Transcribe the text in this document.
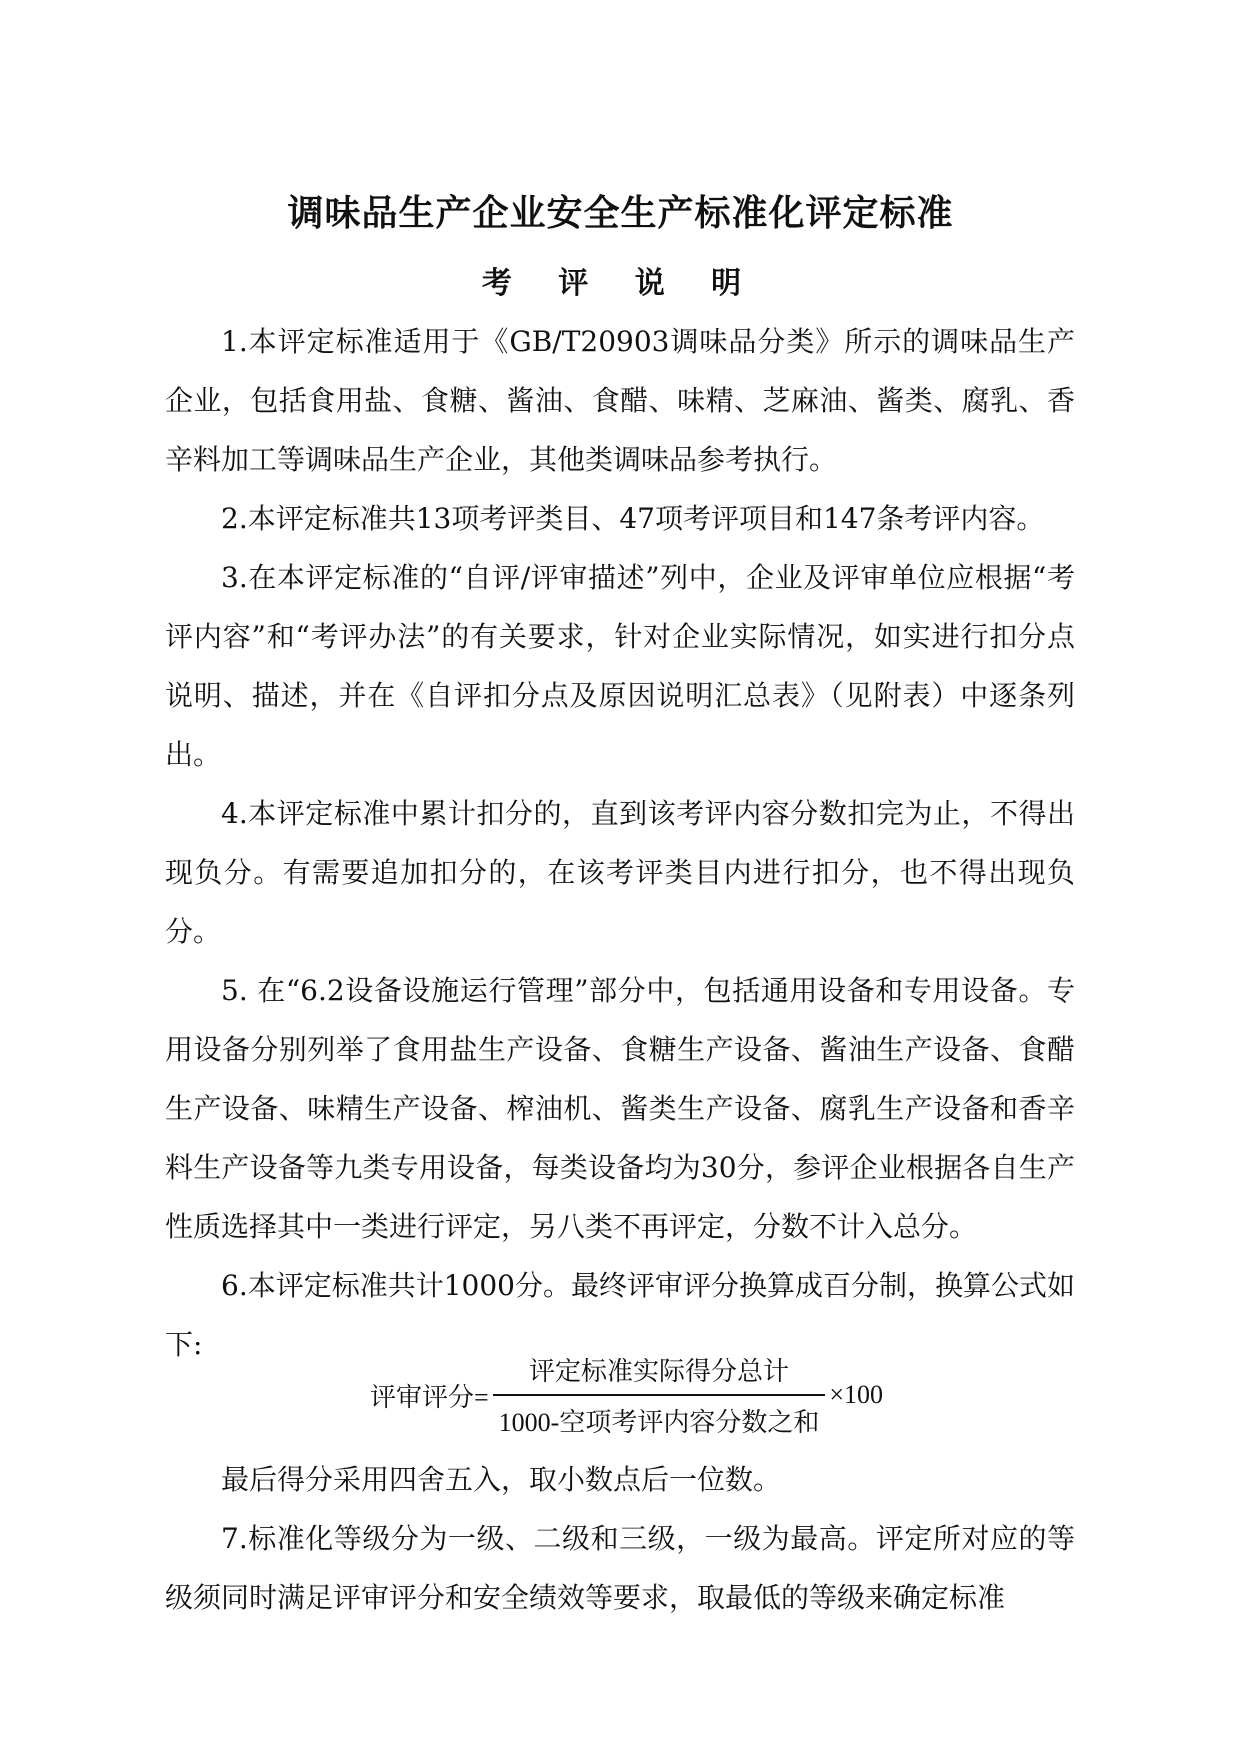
调味品生产企业安全生产标准化评定标准
考 评 说 明

1.本评定标准适用于《GB/T20903调味品分类》所示的调味品生产企业，包括食用盐、食糖、酱油、食醋、味精、芝麻油、酱类、腐乳、香辛料加工等调味品生产企业，其他类调味品参考执行。

2.本评定标准共13项考评类目、47项考评项目和147条考评内容。

3.在本评定标准的“自评/评审描述”列中，企业及评审单位应根据“考评内容”和“考评办法”的有关要求，针对企业实际情况，如实进行扣分点说明、描述，并在《自评扣分点及原因说明汇总表》（见附表）中逐条列出。

4.本评定标准中累计扣分的，直到该考评内容分数扣完为止，不得出现负分。有需要追加扣分的，在该考评类目内进行扣分，也不得出现负分。

5. 在“6.2设备设施运行管理”部分中，包括通用设备和专用设备。专用设备分别列举了食用盐生产设备、食糖生产设备、酱油生产设备、食醋生产设备、味精生产设备、榨油机、酱类生产设备、腐乳生产设备和香辛料生产设备等九类专用设备，每类设备均为30分，参评企业根据各自生产性质选择其中一类进行评定，另八类不再评定，分数不计入总分。

6.本评定标准共计1000分。最终评审评分换算成百分制，换算公式如下:

评审评分= $\frac{\text{评定标准实际得分总计}}{\text{1000-空项考评内容分数之和}} \times 100$

最后得分采用四舍五入，取小数点后一位数。

7.标准化等级分为一级、二级和三级，一级为最高。评定所对应的等级须同时满足评审评分和安全绩效等要求，取最低的等级来确定标准
